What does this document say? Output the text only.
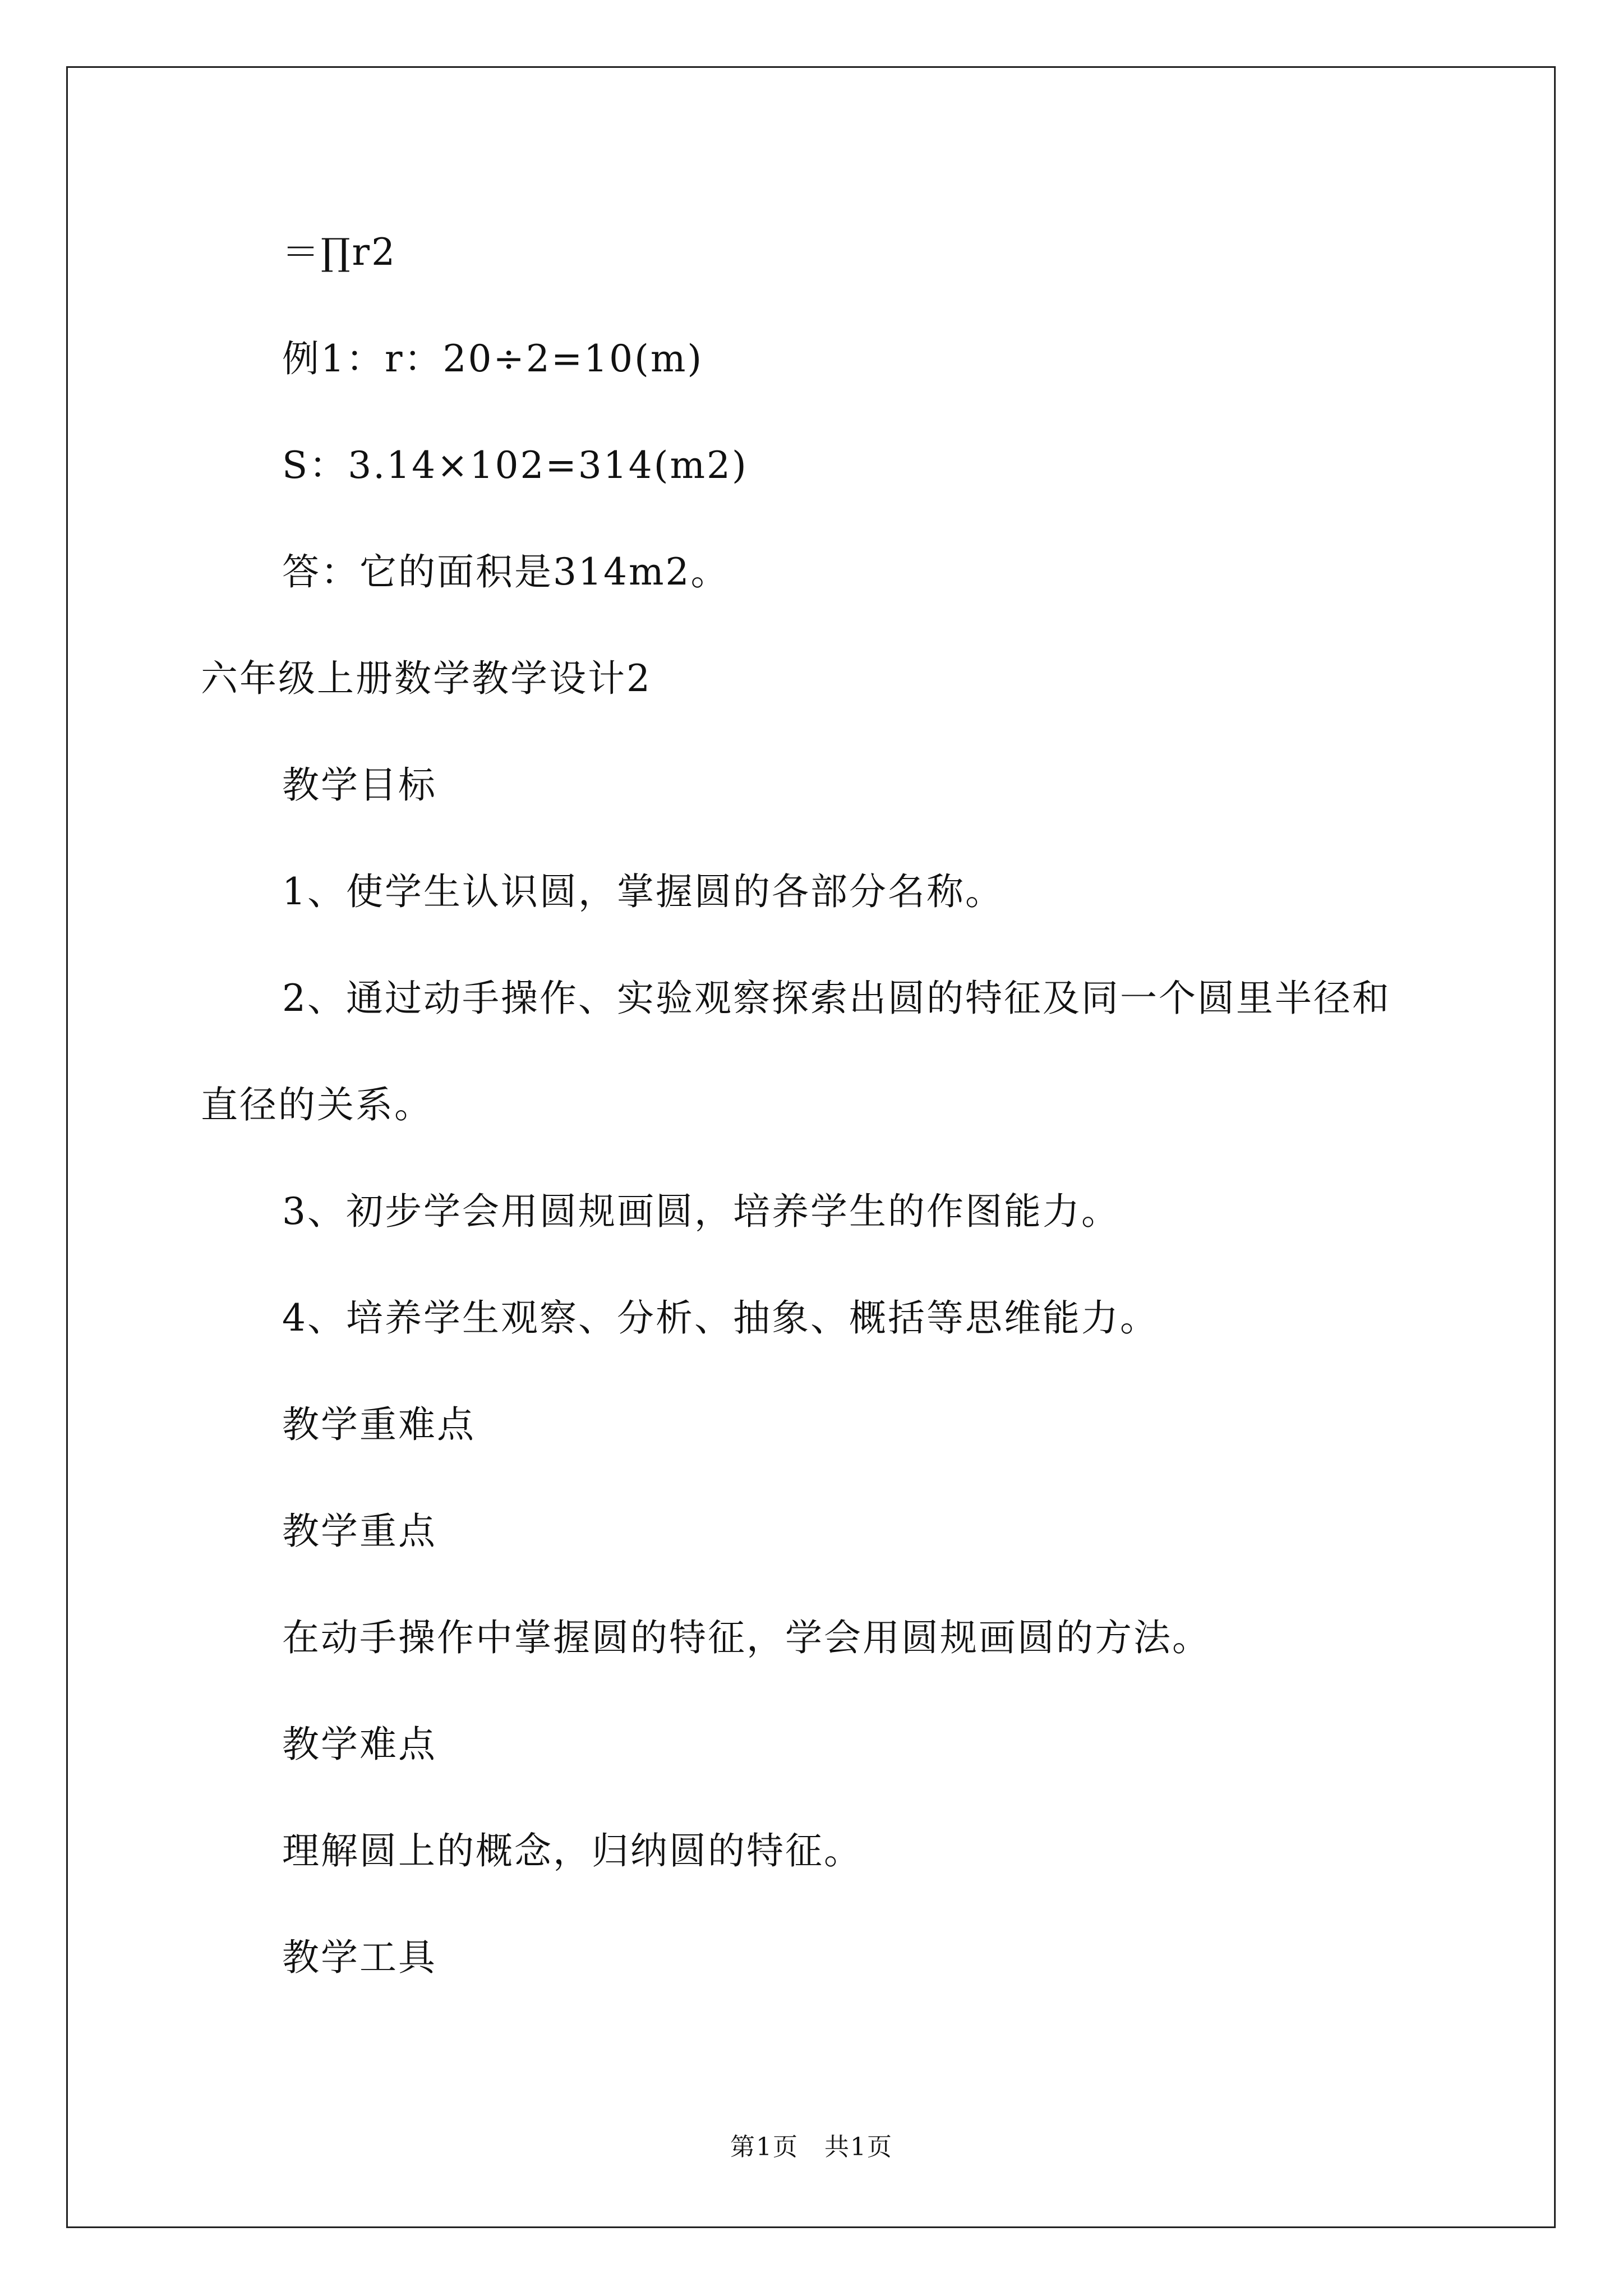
＝∏r2
例1：r：20÷2=10(m)
S：3.14×102=314(m2)
答：它的面积是314m2。
六年级上册数学教学设计2
教学目标
1、使学生认识圆，掌握圆的各部分名称。
2、通过动手操作、实验观察探索出圆的特征及同一个圆里半径和
直径的关系。
3、初步学会用圆规画圆，培养学生的作图能力。
4、培养学生观察、分析、抽象、概括等思维能力。
教学重难点
教学重点
在动手操作中掌握圆的特征，学会用圆规画圆的方法。
教学难点
理解圆上的概念，归纳圆的特征。
教学工具
第1页　共1页
